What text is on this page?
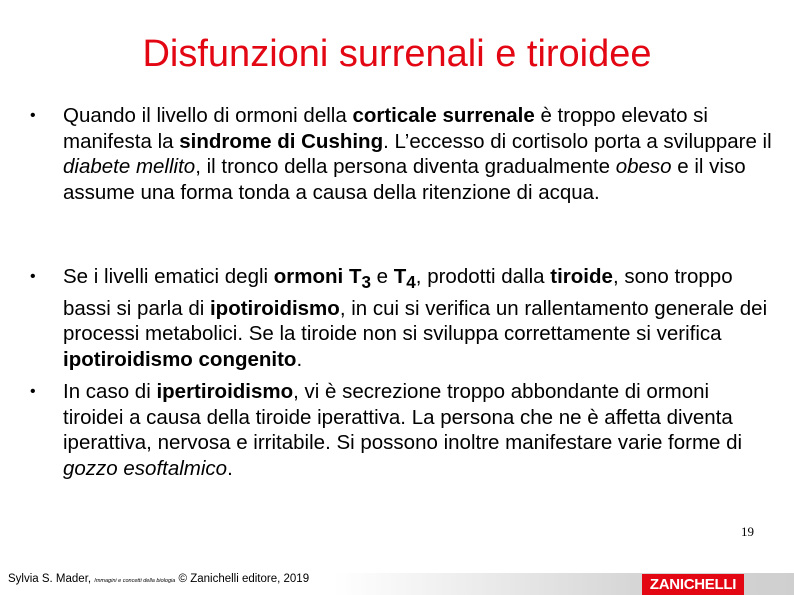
Disfunzioni surrenali e tiroidee
•	Quando il livello di ormoni della corticale surrenale è troppo elevato si manifesta la sindrome di Cushing. L’eccesso di cortisolo porta a sviluppare il diabete mellito, il tronco della persona diventa gradualmente obeso e il viso assume una forma tonda a causa della ritenzione di acqua.
•	Se i livelli ematici degli ormoni $T_3$ e $T_4$, prodotti dalla tiroide, sono troppo bassi si parla di ipotiroidismo, in cui si verifica un rallentamento generale dei processi metabolici. Se la tiroide non si sviluppa correttamente si verifica ipotiroidismo congenito.
•	In caso di ipertiroidismo, vi è secrezione troppo abbondante di ormoni tiroidei a causa della tiroide iperattiva. La persona che ne è affetta diventa iperattiva, nervosa e irritabile. Si possono inoltre manifestare varie forme di gozzo esoftalmico.
19
Sylvia S. Mader, Immagini e concetti della biologia © Zanichelli editore, 2019	ZANICHELLI
